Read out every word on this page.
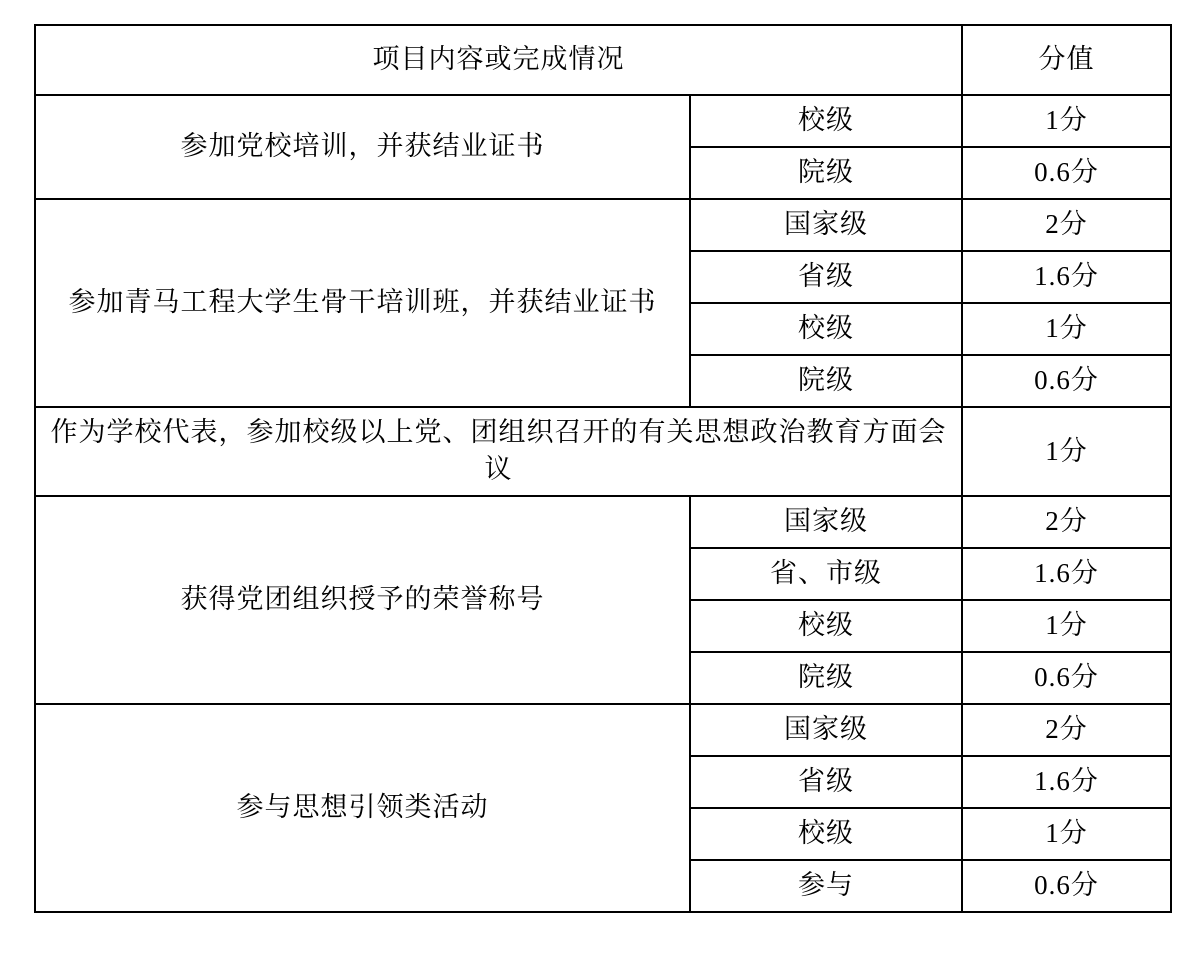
项目内容或完成情况		分值
参加党校培训，并获结业证书	校级	1分
	院级	0.6分
参加青马工程大学生骨干培训班，并获结业证书	国家级	2分
	省级	1.6分
	校级	1分
	院级	0.6分
作为学校代表，参加校级以上党、团组织召开的有关思想政治教育方面会议		1分
获得党团组织授予的荣誉称号	国家级	2分
	省、市级	1.6分
	校级	1分
	院级	0.6分
参与思想引领类活动	国家级	2分
	省级	1.6分
	校级	1分
	参与	0.6分
